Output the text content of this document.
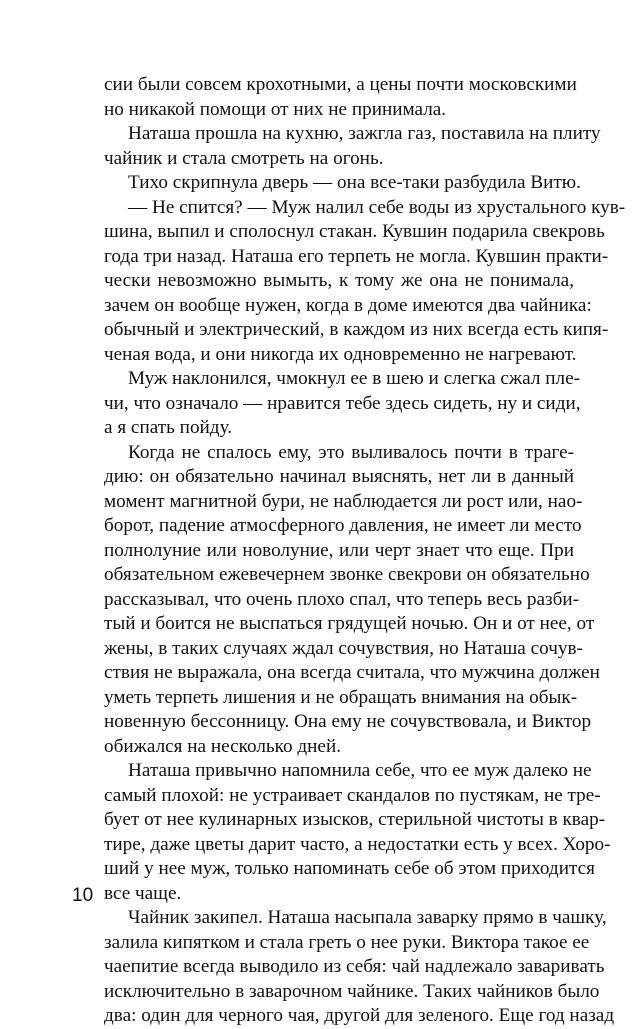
сии были совсем крохотными, а цены почти московскими
но никакой помощи от них не принимала.
Наташа прошла на кухню, зажгла газ, поставила на плиту
чайник и стала смотреть на огонь.
Тихо скрипнула дверь — она все-таки разбудила Витю.
— Не спится? — Муж налил себе воды из хрустального кув-
шина, выпил и сполоснул стакан. Кувшин подарила свекровь
года три назад. Наташа его терпеть не могла. Кувшин практи-
чески невозможно вымыть, к тому же она не понимала,
зачем он вообще нужен, когда в доме имеются два чайника:
обычный и электрический, в каждом из них всегда есть кипя-
ченая вода, и они никогда их одновременно не нагревают.
Муж наклонился, чмокнул ее в шею и слегка сжал пле-
чи, что означало — нравится тебе здесь сидеть, ну и сиди,
а я спать пойду.
Когда не спалось ему, это выливалось почти в траге-
дию: он обязательно начинал выяснять, нет ли в данный
момент магнитной бури, не наблюдается ли рост или, нао-
борот, падение атмосферного давления, не имеет ли место
полнолуние или новолуние, или черт знает что еще. При
обязательном ежевечернем звонке свекрови он обязательно
рассказывал, что очень плохо спал, что теперь весь разби-
тый и боится не выспаться грядущей ночью. Он и от нее, от
жены, в таких случаях ждал сочувствия, но Наташа сочув-
ствия не выражала, она всегда считала, что мужчина должен
уметь терпеть лишения и не обращать внимания на обык-
новенную бессонницу. Она ему не сочувствовала, и Виктор
обижался на несколько дней.
Наташа привычно напомнила себе, что ее муж далеко не
самый плохой: не устраивает скандалов по пустякам, не тре-
бует от нее кулинарных изысков, стерильной чистоты в квар-
тире, даже цветы дарит часто, а недостатки есть у всех. Хоро-
ший у нее муж, только напоминать себе об этом приходится
все чаще.
Чайник закипел. Наташа насыпала заварку прямо в чашку,
залила кипятком и стала греть о нее руки. Виктора такое ее
чаепитие всегда выводило из себя: чай надлежало заваривать
исключительно в заварочном чайнике. Таких чайников было
два: один для черного чая, другой для зеленого. Еще год назад
10
